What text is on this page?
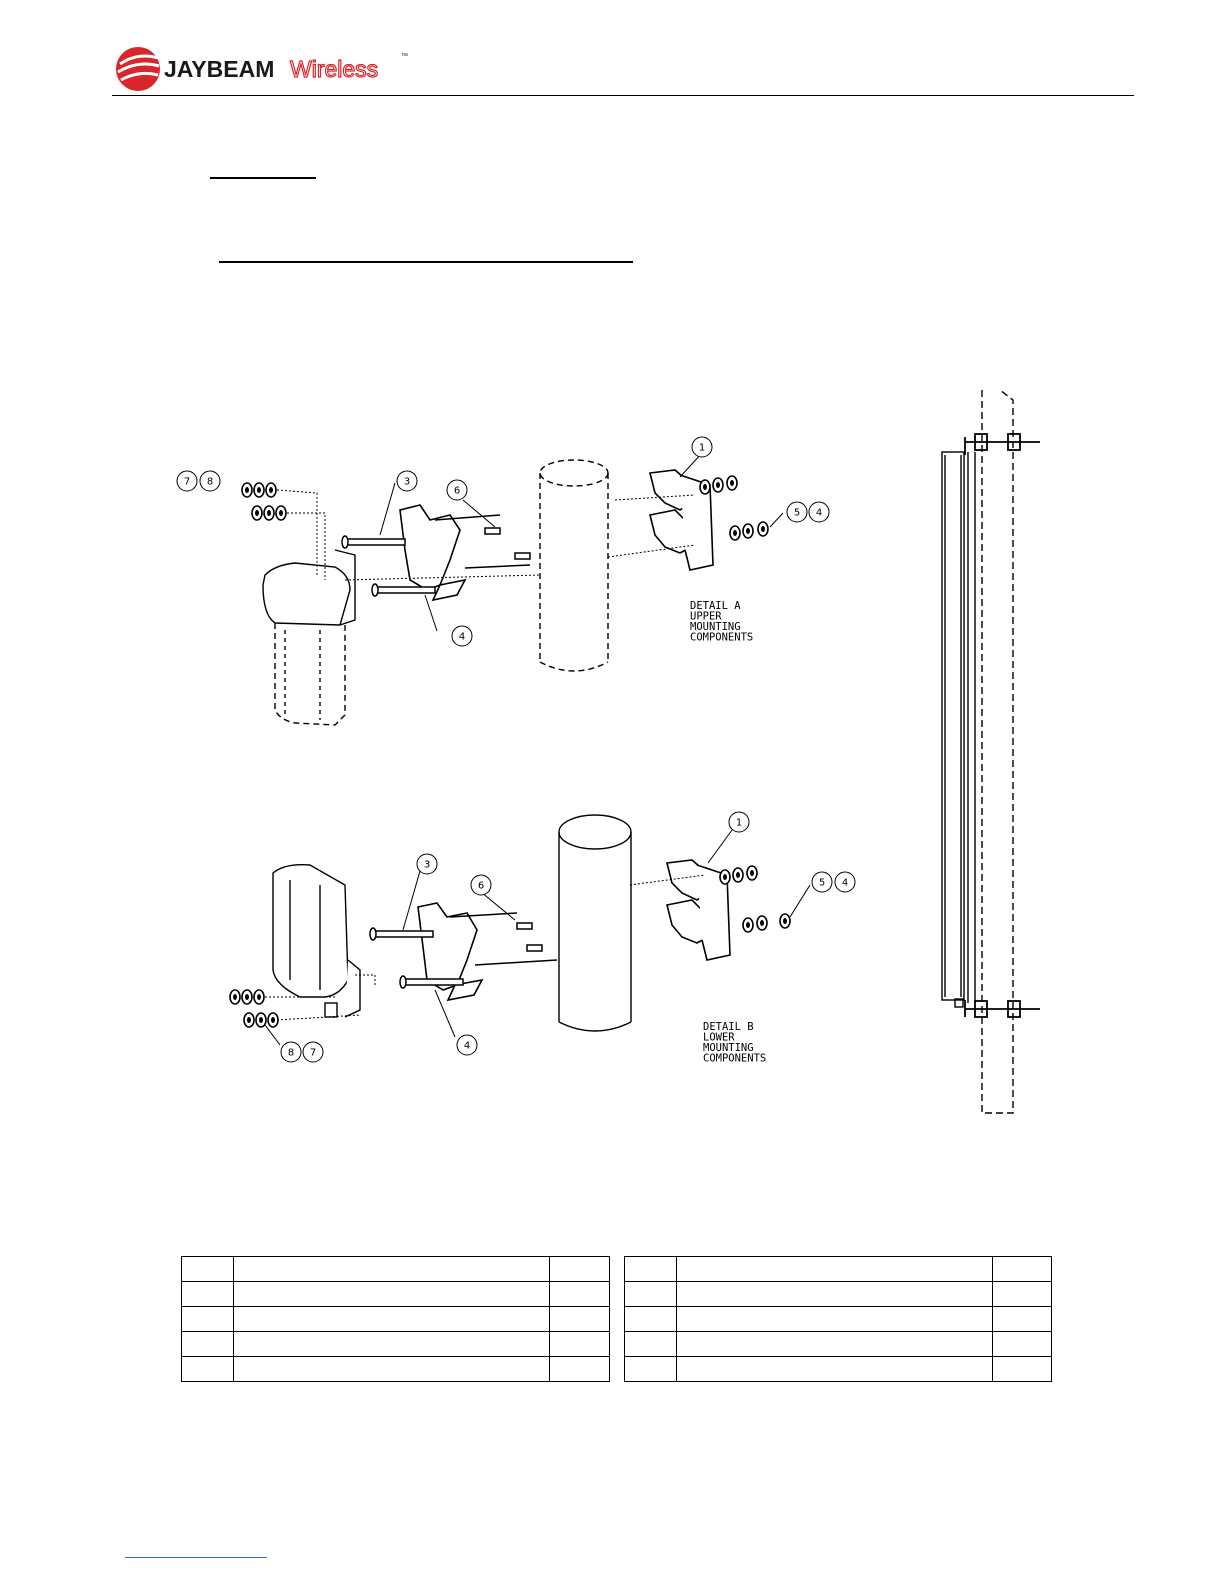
JAYBEAM Wireless	™
1
3
4
5 4
6
7 8
1
3
4
5 4
6
8 7
DETAIL A
UPPER
MOUNTING
COMPONENTS
DETAIL B
LOWER
MOUNTING
COMPONENTS
